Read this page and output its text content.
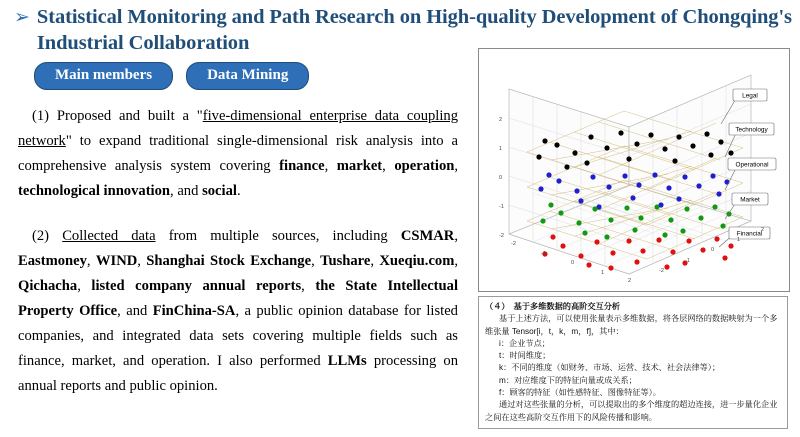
➢ Statistical Monitoring and Path Research on High-quality Development of Chongqing's Industrial Collaboration
Main members	Data Mining

(1) Proposed and built a "five-dimensional enterprise data coupling network" to expand traditional single-dimensional risk analysis into a comprehensive analysis system covering finance, market, operation, technological innovation, and social.

(2) Collected data from multiple sources, including CSMAR, Eastmoney, WIND, Shanghai Stock Exchange, Tushare, Xueqiu.com, Qichacha, listed company annual reports, the State Intellectual Property Office, and FinChina-SA, a public opinion database for listed companies, and integrated data sets covering multiple fields such as finance, market, and operation. I also performed LLMs processing on annual reports and public opinion.

Legal
Technology
Operational
Market
Financial
-2
-1
0
1
2
-2
-1
0
1
2
-2
-1
0
1
2

（４）　基于多维数据的高阶交互分析

基于上述方法，可以使用张量表示多维数据，将各层网络的数据映射为一个多维张量 Tensor[i，t，k，m，f]，其中：

i：企业节点；

t：时间维度；

k：不同的维度（如财务、市场、运营、技术、社会法律等）；

m：对应维度下的特征向量或成关系；

f：顾客的特征（如性感特征、图像特征等）。

通过对这些张量的分析，可以提取出的多个维度的超边连接，进一步量化企业之间在这些高阶交互作用下的风险传播和影响。
